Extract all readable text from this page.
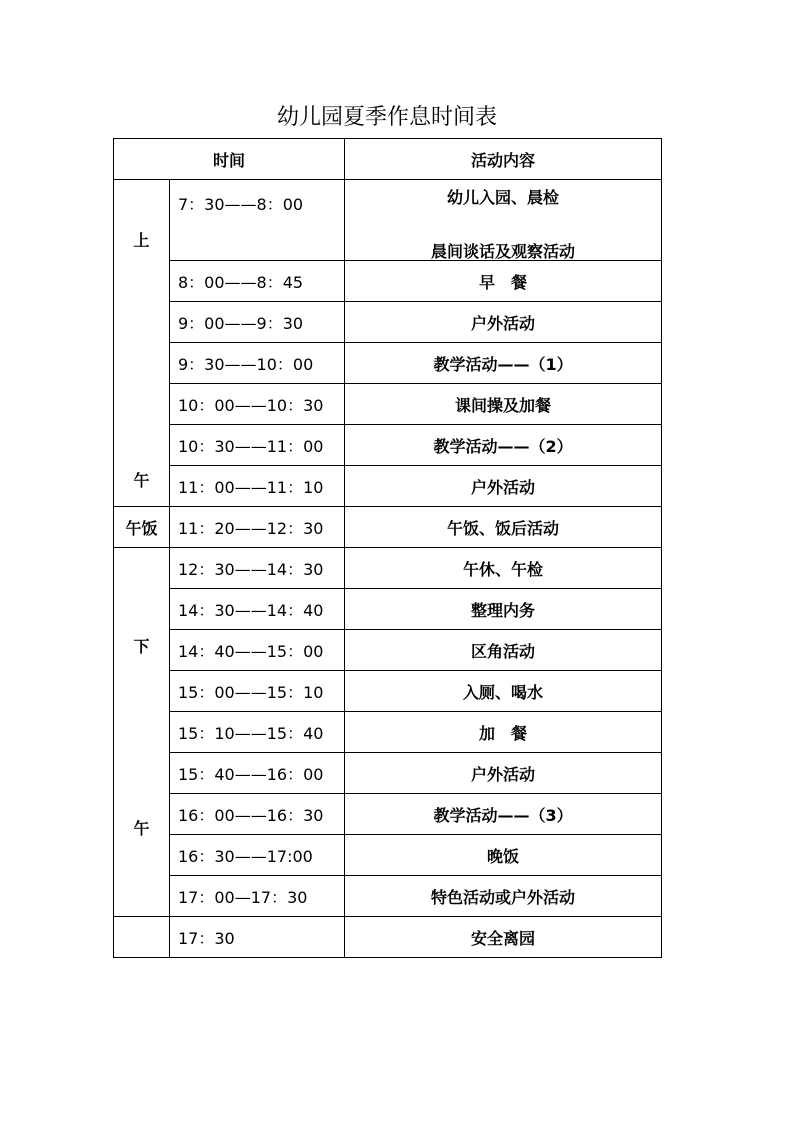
幼儿园夏季作息时间表
时间		活动内容

上
午	7：30——8：00	幼儿入园、晨检
晨间谈话及观察活动

	8：00——8：45	早　餐
	9：00——9：30	户外活动
	9：30——10：00	教学活动——（1）
	10：00——10：30	课间操及加餐
	10：30——11：00	教学活动——（2）
	11：00——11：10	户外活动
午饭	11：20——12：30	午饭、饭后活动

下
午	12：30——14：30	午休、午检
	14：30——14：40	整理内务
	14：40——15：00	区角活动
	15：00——15：10	入厕、喝水
	15：10——15：40	加　餐
	15：40——16：00	户外活动
	16：00——16：30	教学活动——（3）
	16：30——17:00	晚饭
	17：00—17：30	特色活动或户外活动
	17：30	安全离园
